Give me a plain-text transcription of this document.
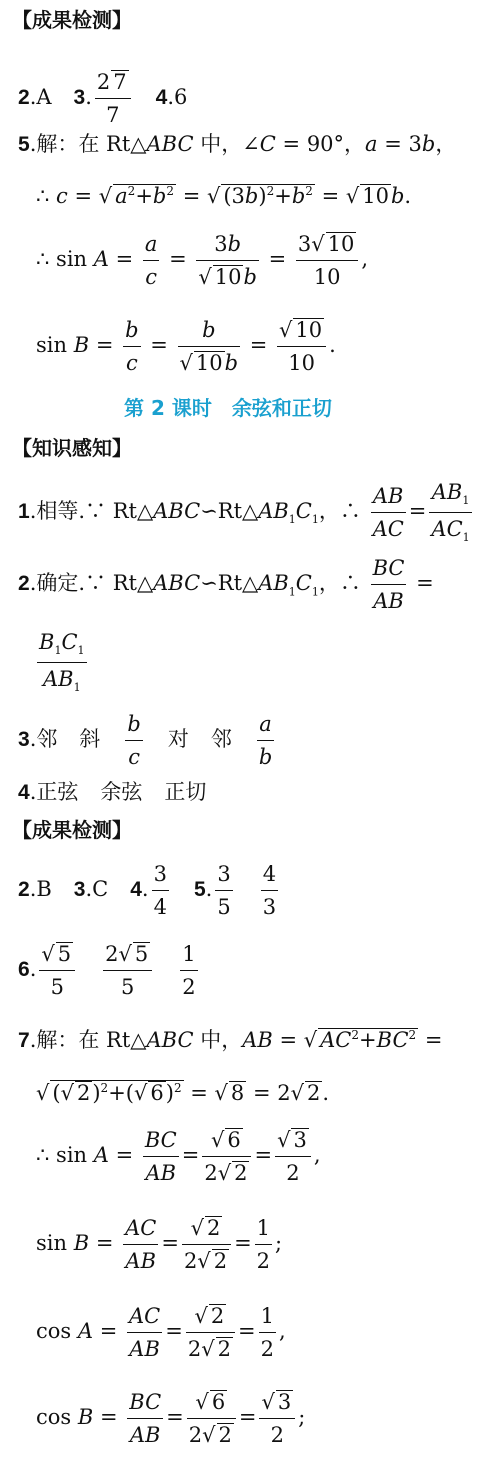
【成果检测】
2.A 3. $\frac{2 7}{7} 4.6$
5.解：在 Rt△ABC 中，∠C = 90°，a = 3b，
∴ c = √ $a^2+b^2$ = √ $(3b)^2+b^2$ = √ 10b.
∴ $\sin A = \frac{a}{c} = \frac{3b}{√ 10b} = \frac{3√ 10}{10}$ ,
$\sin B = \frac{b}{c} = \frac{b}{√ 10b} = \frac{√ 10}{10}$ .
第 2 课时　余弦和正切
【知识感知】
1.相等.∵ $Rt\triangle ABC∽Rt\triangle AB_1C_1$，∴ $\frac{AB}{AC} = \frac{AB_1}{AC_1}$
2.确定.∵ $Rt\triangle ABC∽Rt\triangle AB_1C_1$，∴ $\frac{BC}{AB}$ =
$\frac{B_1C_1}{AB_1}$
3.邻 斜 $\frac{b}{c}$ 对 邻 $\frac{a}{b}$
4.正弦 余弦 正切
【成果检测】
2.B 3.C 4. $\frac{3}{4} 5$. $\frac{3}{5} \frac{4}{3}$
6. $\frac{√ 5}{5} \frac{2√ 5}{5} \frac{1}{2}$
7.解：在 Rt△ABC 中，AB = √ $AC^2+BC^2$ =
√ (√ 2)$^2$+(√ 6)$^2$ = √ 8 = 2√ 2.
∴ $\sin A = \frac{BC}{AB} = \frac{√ 6}{2√ 2} = \frac{√ 3}{2}$ ,
$\sin B = \frac{AC}{AB} = \frac{√ 2}{2√ 2} = \frac{1}{2}$ ;
$\cos A = \frac{AC}{AB} = \frac{√ 2}{2√ 2} = \frac{1}{2}$ ,
$\cos B = \frac{BC}{AB} = \frac{√ 6}{2√ 2} = \frac{√ 3}{2}$ ;
